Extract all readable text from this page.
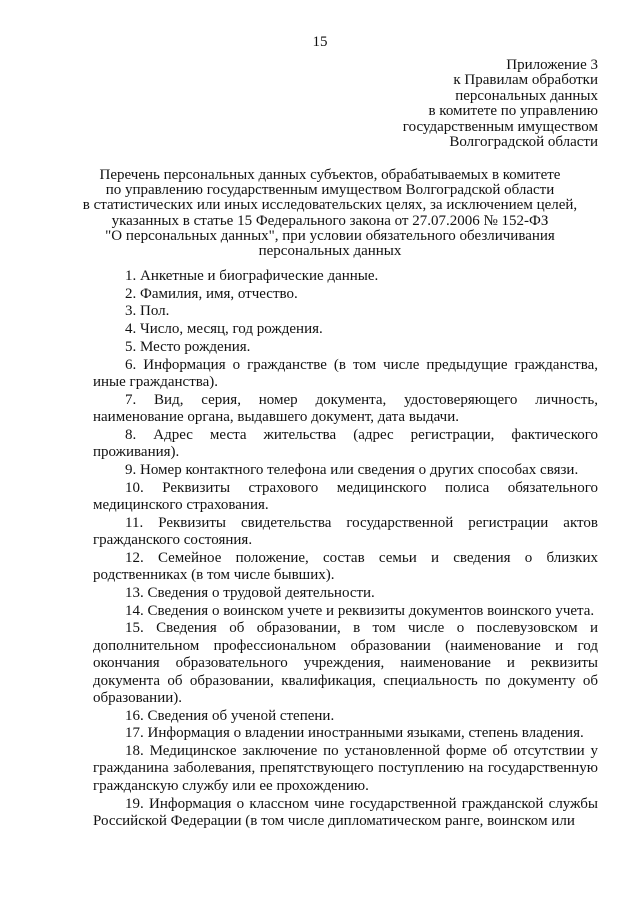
15
Приложение 3
к Правилам обработки
персональных данных
в комитете по управлению
государственным имуществом
Волгоградской области
Перечень персональных данных субъектов, обрабатываемых в комитете
по управлению государственным имуществом Волгоградской области
в статистических или иных исследовательских целях, за исключением целей,
указанных в статье 15 Федерального закона от 27.07.2006 № 152-ФЗ
"О персональных данных", при условии обязательного обезличивания
персональных данных

1. Анкетные и биографические данные.

2. Фамилия, имя, отчество.

3. Пол.

4. Число, месяц, год рождения.

5. Место рождения.

6. Информация о гражданстве (в том числе предыдущие гражданства, иные гражданства).

7. Вид, серия, номер документа, удостоверяющего личность, наименование органа, выдавшего документ, дата выдачи.

8. Адрес места жительства (адрес регистрации, фактического проживания).

9. Номер контактного телефона или сведения о других способах связи.

10. Реквизиты страхового медицинского полиса обязательного медицинского страхования.

11. Реквизиты свидетельства государственной регистрации актов гражданского состояния.

12. Семейное положение, состав семьи и сведения о близких родственниках (в том числе бывших).

13. Сведения о трудовой деятельности.

14. Сведения о воинском учете и реквизиты документов воинского учета.

15. Сведения об образовании, в том числе о послевузовском и дополнительном профессиональном образовании (наименование и год окончания образовательного учреждения, наименование и реквизиты документа об образовании, квалификация, специальность по документу об образовании).

16. Сведения об ученой степени.

17. Информация о владении иностранными языками, степень владения.

18. Медицинское заключение по установленной форме об отсутствии у гражданина заболевания, препятствующего поступлению на государственную гражданскую службу или ее прохождению.

19. Информация о классном чине государственной гражданской службы Российской Федерации (в том числе дипломатическом ранге, воинском или
